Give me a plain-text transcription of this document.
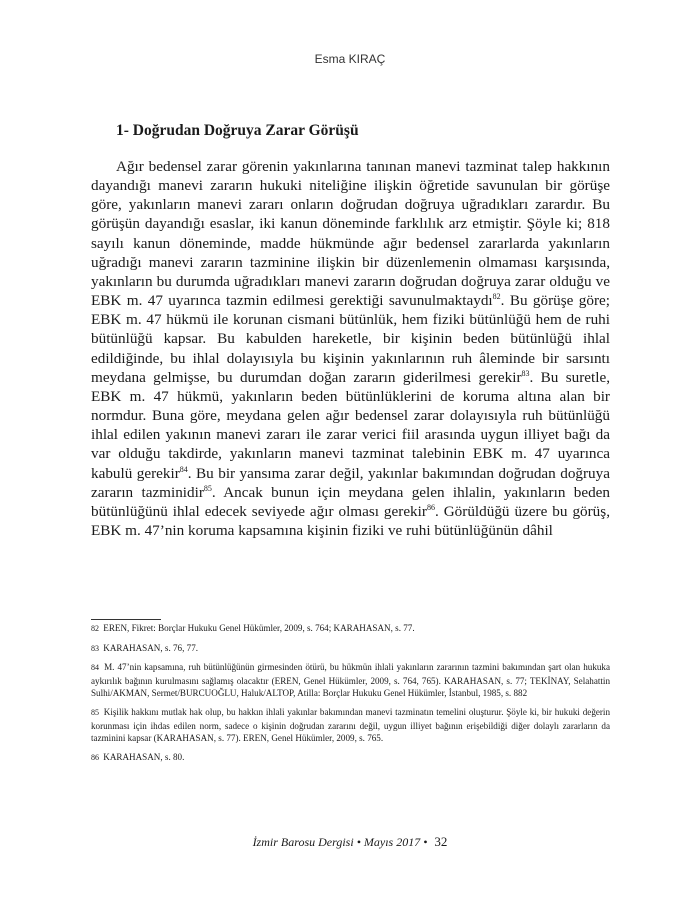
Esma KIRAÇ
1- Doğrudan Doğruya Zarar Görüşü

Ağır bedensel zarar görenin yakınlarına tanınan manevi tazminat talep hakkının dayandığı manevi zararın hukuki niteliğine ilişkin öğretide savunulan bir görüşe göre, yakınların manevi zararı onların doğrudan doğruya uğradıkları zarardır. Bu görüşün dayandığı esaslar, iki kanun döneminde farklılık arz etmiştir. Şöyle ki; 818 sayılı kanun döneminde, madde hükmünde ağır bedensel zararlarda yakınların uğradığı manevi zararın tazminine ilişkin bir düzenlemenin olmaması karşısında, yakınların bu durumda uğradıkları manevi zararın doğrudan doğruya zarar olduğu ve EBK m. 47 uyarınca tazmin edilmesi gerektiği savunulmaktaydı$^{82}$. Bu görüşe göre; EBK m. 47 hükmü ile korunan cismani bütünlük, hem fiziki bütünlüğü hem de ruhi bütünlüğü kapsar. Bu kabulden hareketle, bir kişinin beden bütünlüğü ihlal edildiğinde, bu ihlal dolayısıyla bu kişinin yakınlarının ruh âleminde bir sarsıntı meydana gelmişse, bu durumdan doğan zararın giderilmesi gerekir$^{83}$. Bu suretle, EBK m. 47 hükmü, yakınların beden bütünlüklerini de koruma altına alan bir normdur. Buna göre, meydana gelen ağır bedensel zarar dolayısıyla ruh bütünlüğü ihlal edilen yakının manevi zararı ile zarar verici fiil arasında uygun illiyet bağı da var olduğu takdirde, yakınların manevi tazminat talebinin EBK m. 47 uyarınca kabulü gerekir$^{84}$. Bu bir yansıma zarar değil, yakınlar bakımından doğrudan doğruya zararın tazminidir$^{85}$. Ancak bunun için meydana gelen ihlalin, yakınların beden bütünlüğünü ihlal edecek seviyede ağır olması gerekir$^{86}$. Görüldüğü üzere bu görüş, EBK m. 47’nin koruma kapsamına kişinin fiziki ve ruhi bütünlüğünün dâhil

82 EREN, Fikret: Borçlar Hukuku Genel Hükümler, 2009, s. 764; KARAHASAN, s. 77.

83 KARAHASAN, s. 76, 77.

84 M. 47’nin kapsamına, ruh bütünlüğünün girmesinden ötürü, bu hükmün ihlali yakınların zararının tazmini bakımından şart olan hukuka aykırılık bağının kurulmasını sağlamış olacaktır (EREN, Genel Hükümler, 2009, s. 764, 765). KARAHASAN, s. 77; TEKİNAY, Selahattin Sulhi/AKMAN, Sermet/BURCUOĞLU, Haluk/ALTOP, Atilla: Borçlar Hukuku Genel Hükümler, İstanbul, 1985, s. 882

85 Kişilik hakkını mutlak hak olup, bu hakkın ihlali yakınlar bakımından manevi tazminatın temelini oluşturur. Şöyle ki, bir hukuki değerin korunması için ihdas edilen norm, sadece o kişinin doğrudan zararını değil, uygun illiyet bağının erişebildiği diğer dolaylı zararların da tazminini kapsar (KARAHASAN, s. 77). EREN, Genel Hükümler, 2009, s. 765.

86 KARAHASAN, s. 80.

İzmir Barosu Dergisi • Mayıs 2017 • 32
